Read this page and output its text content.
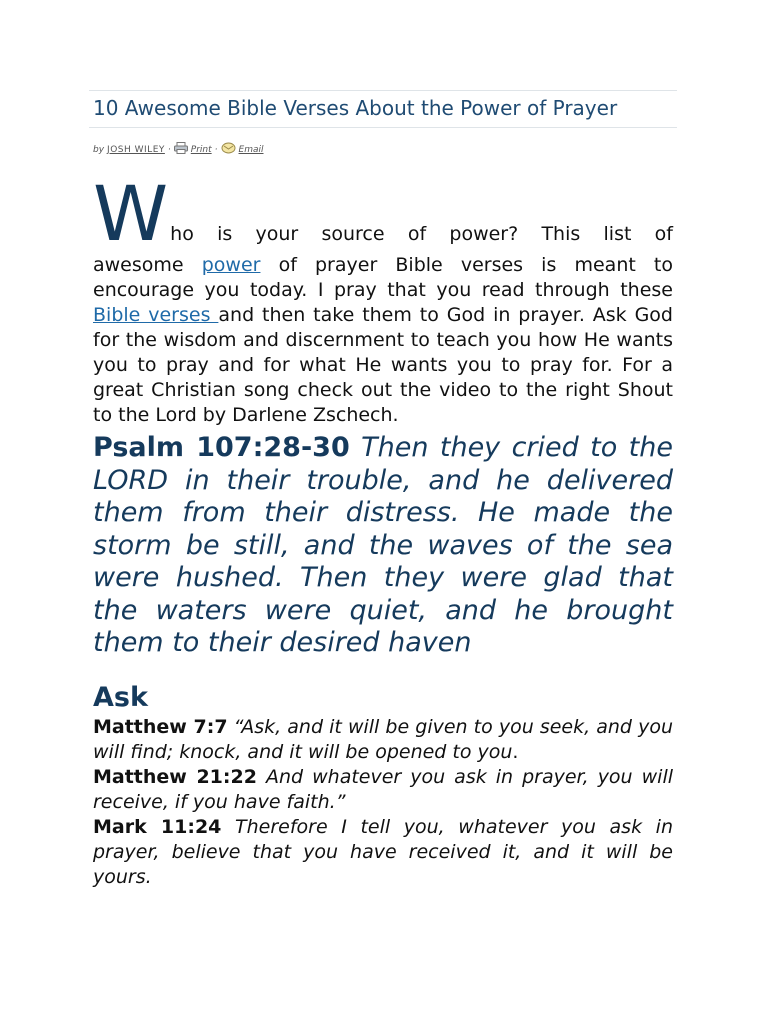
10 Awesome Bible Verses About the Power of Prayer
by JOSH WILEY · Print · Email
W ho is your source of power? This list of
awesome power of prayer Bible verses is meant to encourage you today. I pray that you read through these Bible verses and then take them to God in prayer. Ask God for the wisdom and discernment to teach you how He wants you to pray and for what He wants you to pray for. For a great Christian song check out the video to the right Shout to the Lord by Darlene Zschech.
Psalm 107:28-30 Then they cried to the LORD in their trouble, and he delivered them from their distress. He made the storm be still, and the waves of the sea were hushed. Then they were glad that the waters were quiet, and he brought them to their desired haven
Ask

Matthew 7:7 “Ask, and it will be given to you seek, and you will find; knock, and it will be opened to you.

Matthew 21:22 And whatever you ask in prayer, you will receive, if you have faith.”

Mark 11:24 Therefore I tell you, whatever you ask in prayer, believe that you have received it, and it will be yours.
